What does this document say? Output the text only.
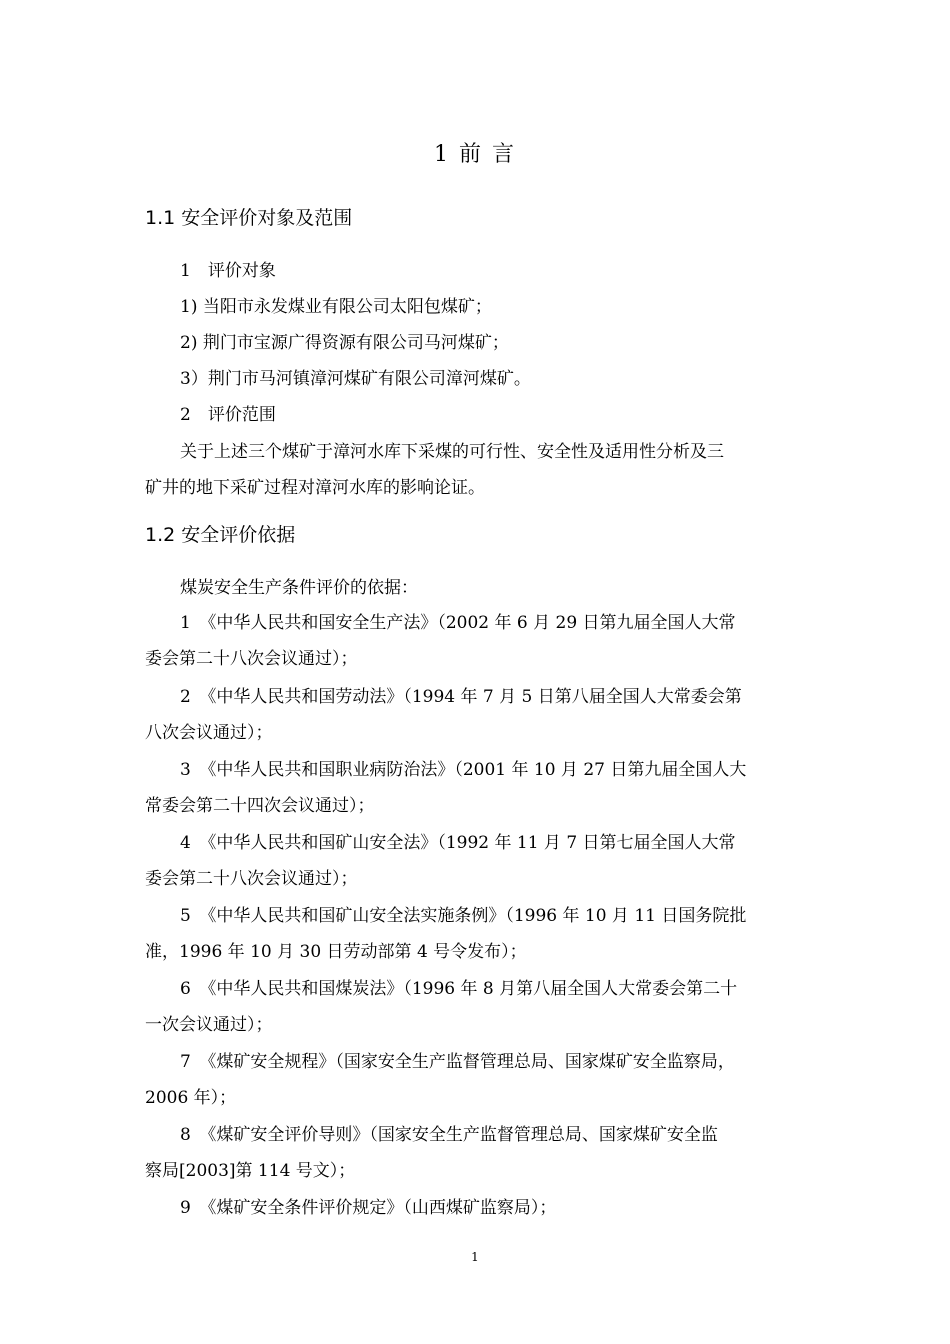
1 前 言
1.1 安全评价对象及范围
1　评价对象
1) 当阳市永发煤业有限公司太阳包煤矿；
2) 荆门市宝源广得资源有限公司马河煤矿；
3）荆门市马河镇漳河煤矿有限公司漳河煤矿。
2　评价范围
关于上述三个煤矿于漳河水库下采煤的可行性、安全性及适用性分析及三
矿井的地下采矿过程对漳河水库的影响论证。
1.2 安全评价依据
煤炭安全生产条件评价的依据：
1　《中华人民共和国安全生产法》（2002 年 6 月 29 日第九届全国人大常
委会第二十八次会议通过）；
2　《中华人民共和国劳动法》（1994 年 7 月 5 日第八届全国人大常委会第
八次会议通过）；
3　《中华人民共和国职业病防治法》（2001 年 10 月 27 日第九届全国人大
常委会第二十四次会议通过）；
4　《中华人民共和国矿山安全法》（1992 年 11 月 7 日第七届全国人大常
委会第二十八次会议通过）；
5　《中华人民共和国矿山安全法实施条例》（1996 年 10 月 11 日国务院批
准，1996 年 10 月 30 日劳动部第 4 号令发布）；
6　《中华人民共和国煤炭法》（1996 年 8 月第八届全国人大常委会第二十
一次会议通过）；
7　《煤矿安全规程》（国家安全生产监督管理总局、国家煤矿安全监察局，
2006 年）；
8　《煤矿安全评价导则》（国家安全生产监督管理总局、国家煤矿安全监
察局[2003]第 114 号文）；
9　《煤矿安全条件评价规定》（山西煤矿监察局）；
1
